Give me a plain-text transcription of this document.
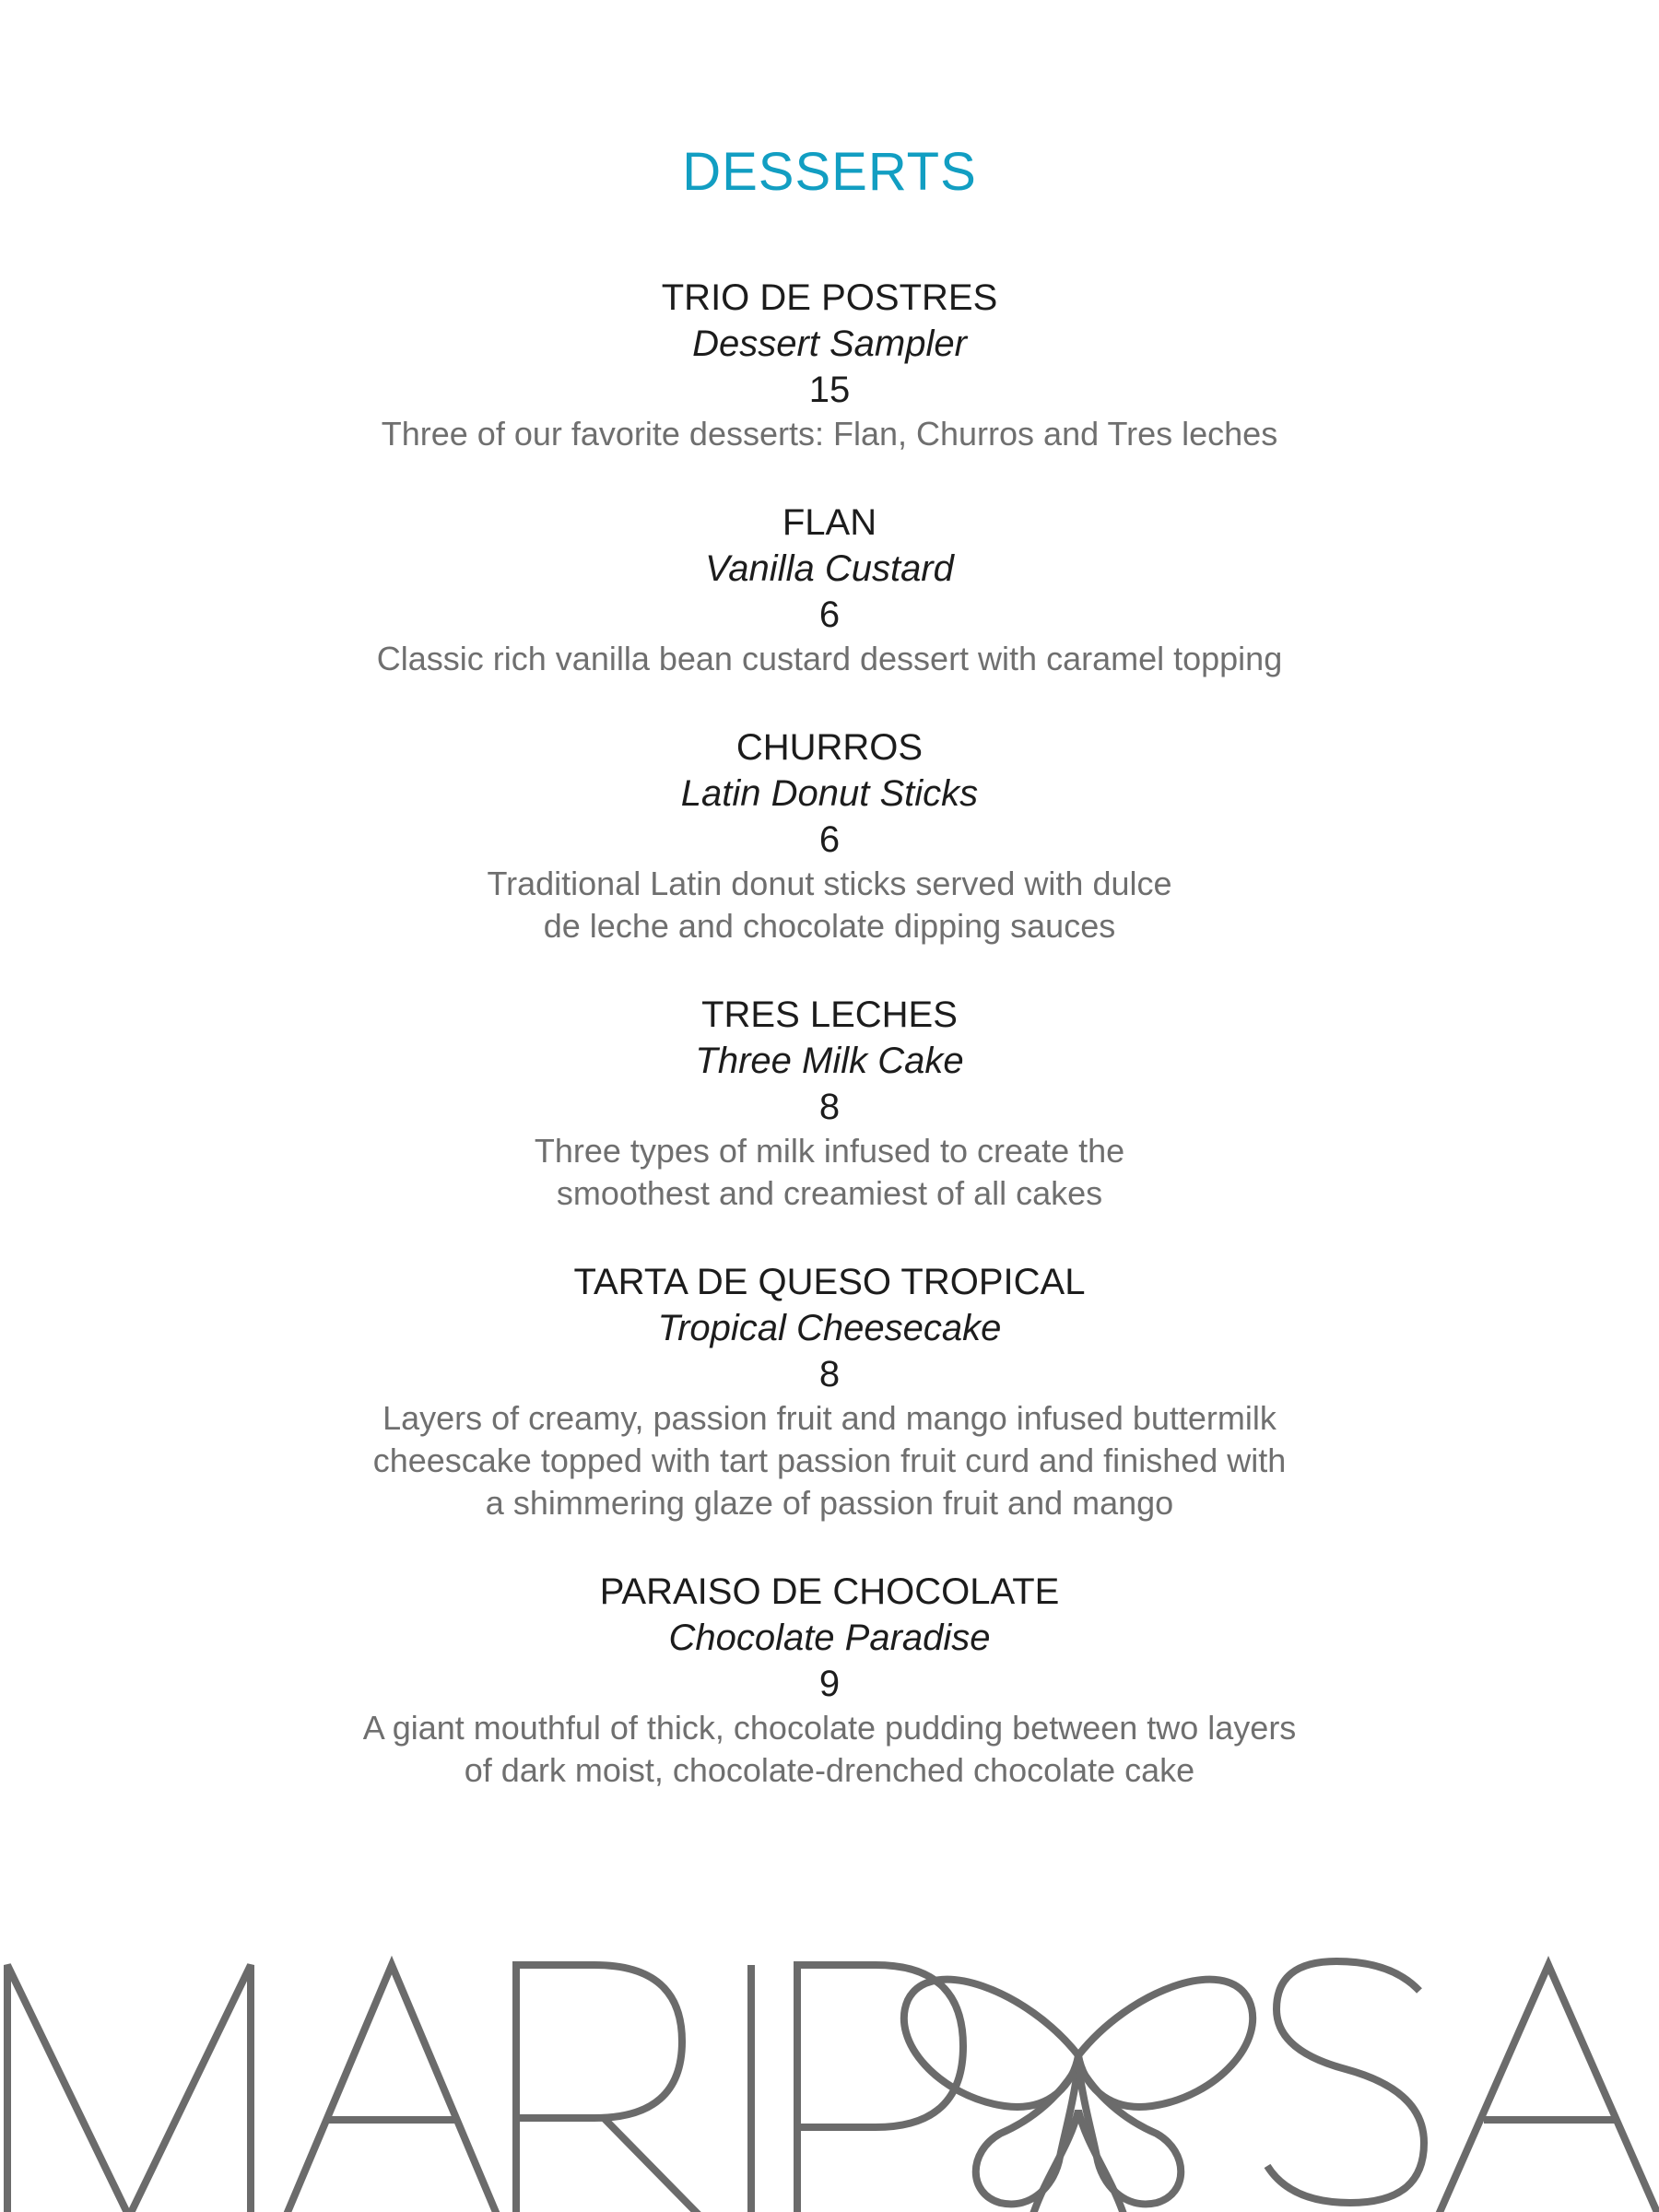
DESSERTS
TRIO DE POSTRES
Dessert Sampler
15
Three of our favorite desserts: Flan, Churros and Tres leches
FLAN
Vanilla Custard
6
Classic rich vanilla bean custard dessert with caramel topping
CHURROS
Latin Donut Sticks
6
Traditional Latin donut sticks served with dulce
de leche and chocolate dipping sauces
TRES LECHES
Three Milk Cake
8
Three types of milk infused to create the
smoothest and creamiest of all cakes
TARTA DE QUESO TROPICAL
Tropical Cheesecake
8
Layers of creamy, passion fruit and mango infused buttermilk
cheescake topped with tart passion fruit curd and finished with
a shimmering glaze of passion fruit and mango
PARAISO DE CHOCOLATE
Chocolate Paradise
9
A giant mouthful of thick, chocolate pudding between two layers
of dark moist, chocolate-drenched chocolate cake
